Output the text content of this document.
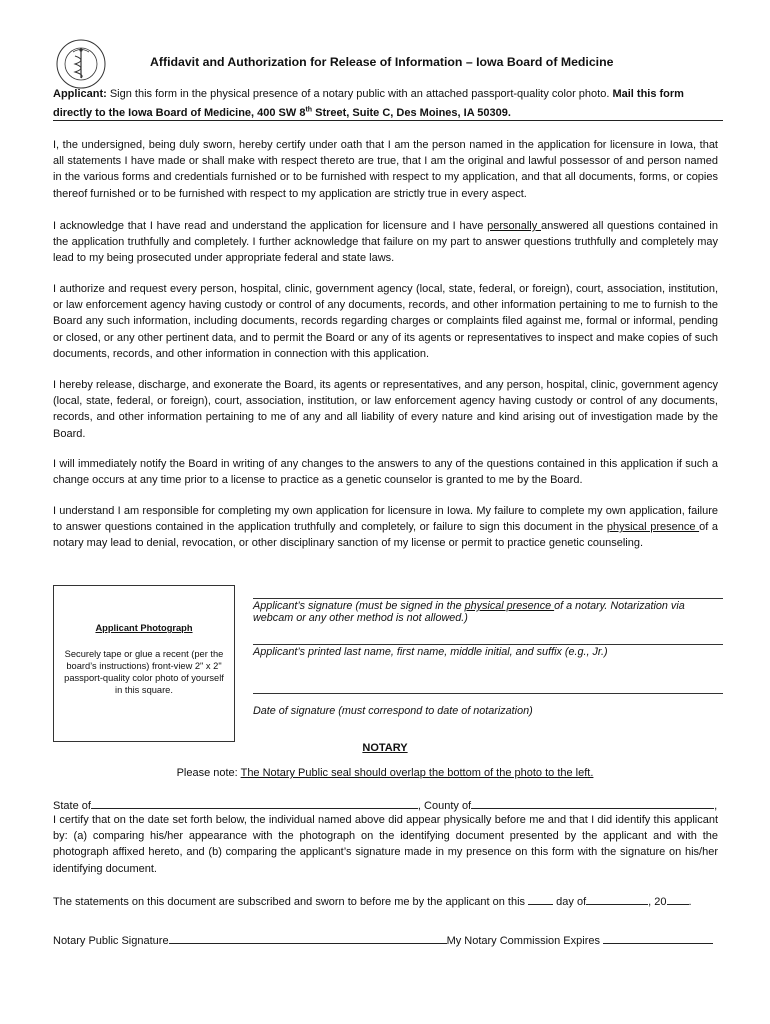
Affidavit and Authorization for Release of Information – Iowa Board of Medicine
Applicant: Sign this form in the physical presence of a notary public with an attached passport-quality color photo. Mail this form directly to the Iowa Board of Medicine, 400 SW 8th Street, Suite C, Des Moines, IA 50309.
I, the undersigned, being duly sworn, hereby certify under oath that I am the person named in the application for licensure in Iowa, that all statements I have made or shall make with respect thereto are true, that I am the original and lawful possessor of and person named in the various forms and credentials furnished or to be furnished with respect to my application, and that all documents, forms, or copies thereof furnished or to be furnished with respect to my application are strictly true in every aspect.
I acknowledge that I have read and understand the application for licensure and I have personally answered all questions contained in the application truthfully and completely. I further acknowledge that failure on my part to answer questions truthfully and completely may lead to my being prosecuted under appropriate federal and state laws.
I authorize and request every person, hospital, clinic, government agency (local, state, federal, or foreign), court, association, institution, or law enforcement agency having custody or control of any documents, records, and other information pertaining to me to furnish to the Board any such information, including documents, records regarding charges or complaints filed against me, formal or informal, pending or closed, or any other pertinent data, and to permit the Board or any of its agents or representatives to inspect and make copies of such documents, records, and other information in connection with this application.
I hereby release, discharge, and exonerate the Board, its agents or representatives, and any person, hospital, clinic, government agency (local, state, federal, or foreign), court, association, institution, or law enforcement agency having custody or control of any documents, records, and other information pertaining to me of any and all liability of every nature and kind arising out of investigation made by the Board.
I will immediately notify the Board in writing of any changes to the answers to any of the questions contained in this application if such a change occurs at any time prior to a license to practice as a genetic counselor is granted to me by the Board.
I understand I am responsible for completing my own application for licensure in Iowa. My failure to complete my own application, failure to answer questions contained in the application truthfully and completely, or failure to sign this document in the physical presence of a notary may lead to denial, revocation, or other disciplinary sanction of my license or permit to practice genetic counseling.
Applicant Photograph
Securely tape or glue a recent (per the board’s instructions) front-view 2" x 2" passport-quality color photo of yourself in this square.
Applicant’s signature (must be signed in the physical presence of a notary. Notarization via webcam or any other method is not allowed.)
Applicant’s printed last name, first name, middle initial, and suffix (e.g., Jr.)
Date of signature (must correspond to date of notarization)
NOTARY
Please note: The Notary Public seal should overlap the bottom of the photo to the left.
State of	, County of	,
I certify that on the date set forth below, the individual named above did appear physically before me and that I did identify this applicant by: (a) comparing his/her appearance with the photograph on the identifying document presented by the applicant and with the photograph affixed hereto, and (b) comparing the applicant’s signature made in my presence on this form with the signature on his/her identifying document.
The statements on this document are subscribed and sworn to before me by the applicant on this	day of	, 20 .
Notary Public Signature	My Notary Commission Expires
